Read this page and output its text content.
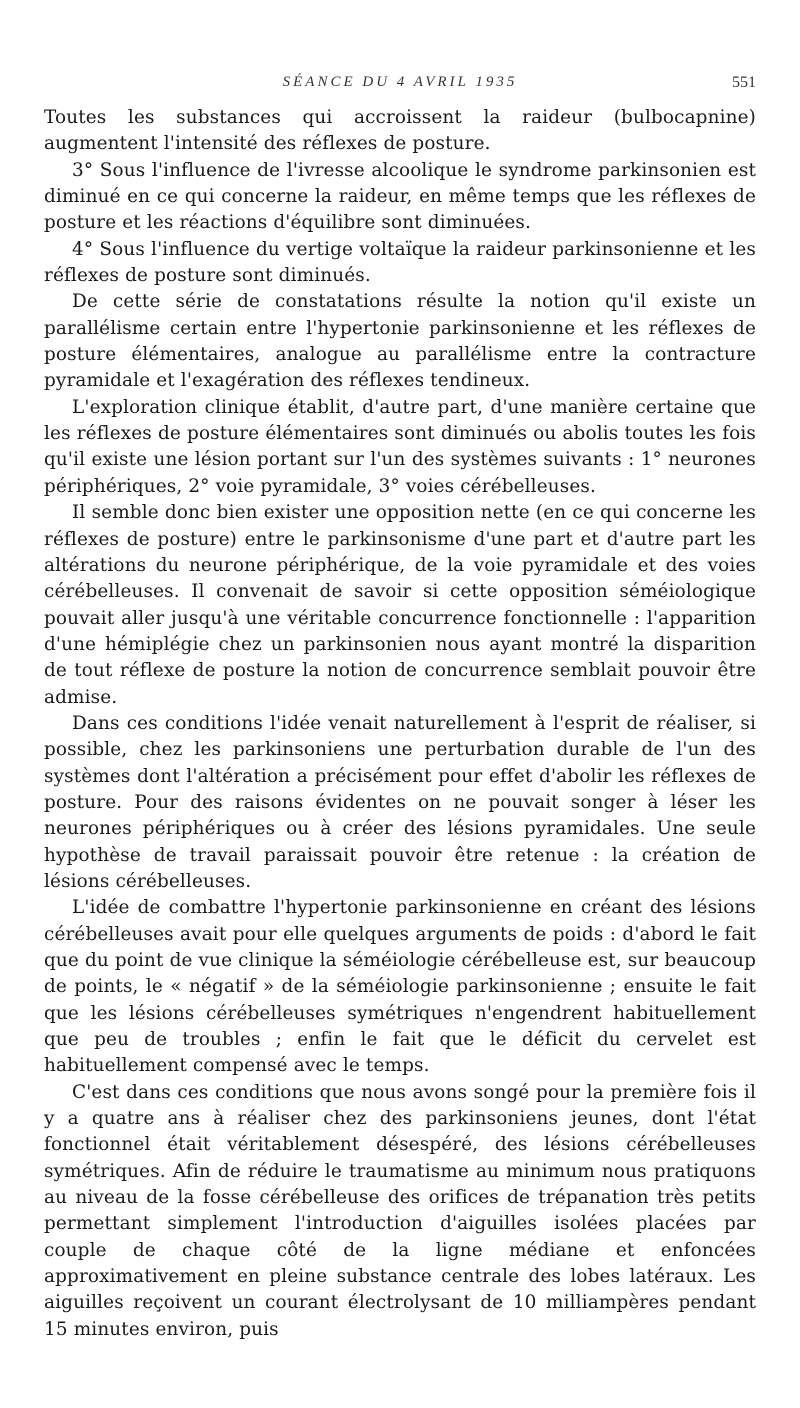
SÉANCE DU 4 AVRIL 1935	551

Toutes les substances qui accroissent la raideur (bulbocapnine) augmentent l'intensité des réflexes de posture.

3° Sous l'influence de l'ivresse alcoolique le syndrome parkinsonien est diminué en ce qui concerne la raideur, en même temps que les réflexes de posture et les réactions d'équilibre sont diminuées.

4° Sous l'influence du vertige voltaïque la raideur parkinsonienne et les réflexes de posture sont diminués.

De cette série de constatations résulte la notion qu'il existe un parallélisme certain entre l'hypertonie parkinsonienne et les réflexes de posture élémentaires, analogue au parallélisme entre la contracture pyramidale et l'exagération des réflexes tendineux.

L'exploration clinique établit, d'autre part, d'une manière certaine que les réflexes de posture élémentaires sont diminués ou abolis toutes les fois qu'il existe une lésion portant sur l'un des systèmes suivants : 1° neurones périphériques, 2° voie pyramidale, 3° voies cérébelleuses.

Il semble donc bien exister une opposition nette (en ce qui concerne les réflexes de posture) entre le parkinsonisme d'une part et d'autre part les altérations du neurone périphérique, de la voie pyramidale et des voies cérébelleuses. Il convenait de savoir si cette opposition séméiologique pouvait aller jusqu'à une véritable concurrence fonctionnelle : l'apparition d'une hémiplégie chez un parkinsonien nous ayant montré la disparition de tout réflexe de posture la notion de concurrence semblait pouvoir être admise.

Dans ces conditions l'idée venait naturellement à l'esprit de réaliser, si possible, chez les parkinsoniens une perturbation durable de l'un des systèmes dont l'altération a précisément pour effet d'abolir les réflexes de posture. Pour des raisons évidentes on ne pouvait songer à léser les neurones périphériques ou à créer des lésions pyramidales. Une seule hypothèse de travail paraissait pouvoir être retenue : la création de lésions cérébelleuses.

L'idée de combattre l'hypertonie parkinsonienne en créant des lésions cérébelleuses avait pour elle quelques arguments de poids : d'abord le fait que du point de vue clinique la séméiologie cérébelleuse est, sur beaucoup de points, le « négatif » de la séméiologie parkinsonienne ; ensuite le fait que les lésions cérébelleuses symétriques n'engendrent habituellement que peu de troubles ; enfin le fait que le déficit du cervelet est habituellement compensé avec le temps.

C'est dans ces conditions que nous avons songé pour la première fois il y a quatre ans à réaliser chez des parkinsoniens jeunes, dont l'état fonctionnel était véritablement désespéré, des lésions cérébelleuses symétriques. Afin de réduire le traumatisme au minimum nous pratiquons au niveau de la fosse cérébelleuse des orifices de trépanation très petits permettant simplement l'introduction d'aiguilles isolées placées par couple de chaque côté de la ligne médiane et enfoncées approximativement en pleine substance centrale des lobes latéraux. Les aiguilles reçoivent un courant électrolysant de 10 milliampères pendant 15 minutes environ, puis
